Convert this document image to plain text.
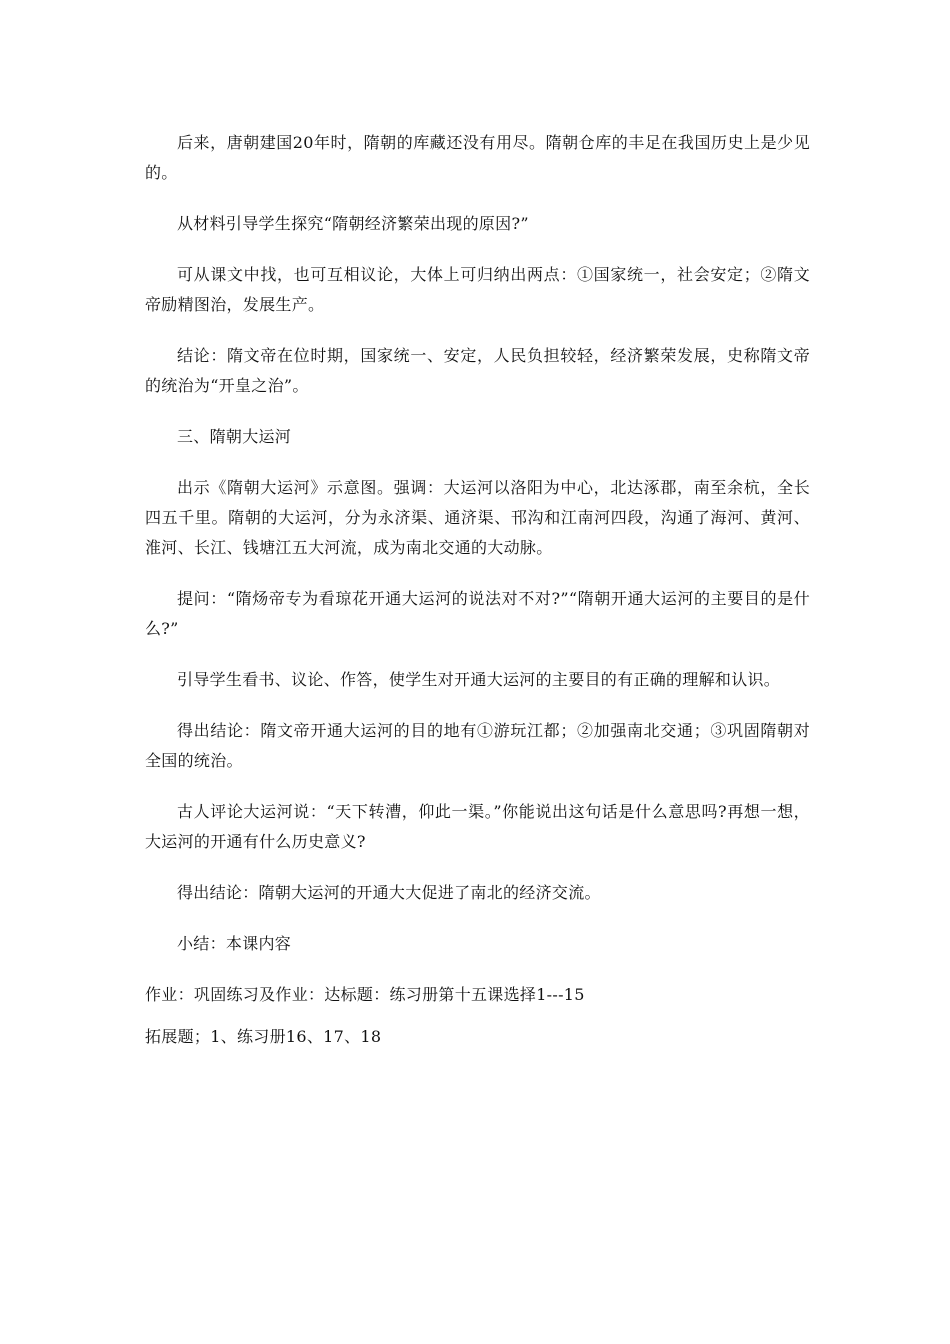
后来，唐朝建国20年时，隋朝的库藏还没有用尽。隋朝仓库的丰足在我国历史上是少见的。

从材料引导学生探究“隋朝经济繁荣出现的原因?”

可从课文中找，也可互相议论，大体上可归纳出两点：①国家统一，社会安定；②隋文帝励精图治，发展生产。

结论：隋文帝在位时期，国家统一、安定，人民负担较轻，经济繁荣发展，史称隋文帝的统治为“开皇之治”。

三、隋朝大运河

出示《隋朝大运河》示意图。强调：大运河以洛阳为中心，北达涿郡，南至余杭，全长四五千里。隋朝的大运河，分为永济渠、通济渠、邗沟和江南河四段，沟通了海河、黄河、淮河、长江、钱塘江五大河流，成为南北交通的大动脉。

提问：“隋炀帝专为看琼花开通大运河的说法对不对?”“隋朝开通大运河的主要目的是什么?”

引导学生看书、议论、作答，使学生对开通大运河的主要目的有正确的理解和认识。

得出结论：隋文帝开通大运河的目的地有①游玩江都；②加强南北交通；③巩固隋朝对全国的统治。

古人评论大运河说：“天下转漕，仰此一渠。”你能说出这句话是什么意思吗?再想一想，大运河的开通有什么历史意义?

得出结论：隋朝大运河的开通大大促进了南北的经济交流。

小结：本课内容

作业：巩固练习及作业：达标题：练习册第十五课选择1---15

拓展题；1、练习册16、17、18
